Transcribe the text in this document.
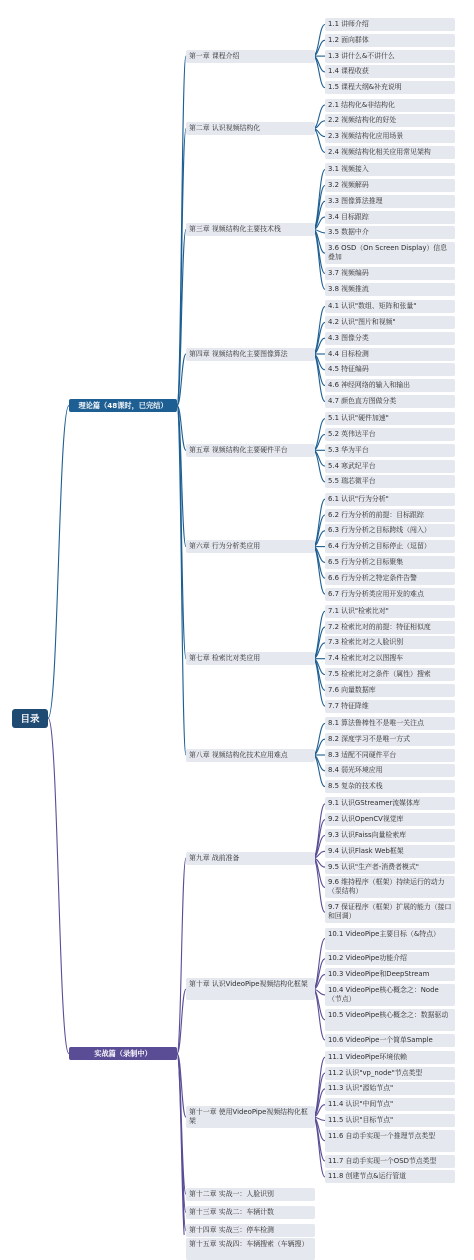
1.1 讲师介绍
1.2 面向群体
1.3 讲什么&不讲什么
1.4 课程收获
1.5 课程大纲&补充说明
第一章 课程介绍
2.1 结构化&非结构化
2.2 视频结构化的好处
2.3 视频结构化应用场景
2.4 视频结构化相关应用常见架构
第二章 认识视频结构化
3.1 视频接入
3.2 视频解码
3.3 图像算法推理
3.4 目标跟踪
3.5 数据中介
3.6 OSD（On Screen Display）信息叠加
3.7 视频编码
3.8 视频推流
第三章 视频结构化主要技术栈
4.1 认识"数组、矩阵和张量"
4.2 认识"图片和视频"
4.3 图像分类
4.4 目标检测
4.5 特征编码
4.6 神经网络的输入和输出
4.7 颜色直方图做分类
第四章 视频结构化主要图像算法
5.1 认识"硬件加速"
5.2 英伟达平台
5.3 华为平台
5.4 寒武纪平台
5.5 瑞芯微平台
第五章 视频结构化主要硬件平台
6.1 认识"行为分析"
6.2 行为分析的前提：目标跟踪
6.3 行为分析之目标跨线（闯入）
6.4 行为分析之目标停止（逗留）
6.5 行为分析之目标聚集
6.6 行为分析之特定条件告警
6.7 行为分析类应用开发的难点
第六章 行为分析类应用
7.1 认识"检索比对"
7.2 检索比对的前提：特征相似度
7.3 检索比对之人脸识别
7.4 检索比对之以图搜车
7.5 检索比对之条件（属性）搜索
7.6 向量数据库
7.7 特征降维
第七章 检索比对类应用
8.1 算法鲁棒性不是唯一关注点
8.2 深度学习不是唯一方式
8.3 适配不同硬件平台
8.4 弱光环境应用
8.5 复杂的技术栈
第八章 视频结构化技术应用难点
理论篇（48课时，已完结）
9.1 认识GStreamer流媒体库
9.2 认识OpenCV视觉库
9.3 认识Faiss向量检索库
9.4 认识Flask Web框架
9.5 认识"生产者-消费者模式"
9.6 维持程序（框架）持续运行的动力（泵结构）
9.7 保证程序（框架）扩展的能力（接口和回调）
第九章 战前准备
10.1 VideoPipe主要目标（&特点）
10.2 VideoPipe功能介绍
10.3 VideoPipe和DeepStream
10.4 VideoPipe核心概念之：Node（节点）
10.5 VideoPipe核心概念之：数据驱动
10.6 VideoPipe一个简单Sample
第十章 认识VideoPipe视频结构化框架
11.1 VideoPipe环境依赖
11.2 认识"vp_node"节点类型
11.3 认识"源始节点"
11.4 认识"中间节点"
11.5 认识"目标节点"
11.6 自动手实现一个推理节点类型
11.7 自动手实现一个OSD节点类型
11.8 创建节点&运行管道
第十一章 使用VideoPipe视频结构化框架
第十二章 实战一：人脸识别
第十三章 实战二：车辆计数
第十四章 实战三：停车检测
第十五章 实战四：车辆搜索（车辆搜）
实战篇（录制中）
目录
